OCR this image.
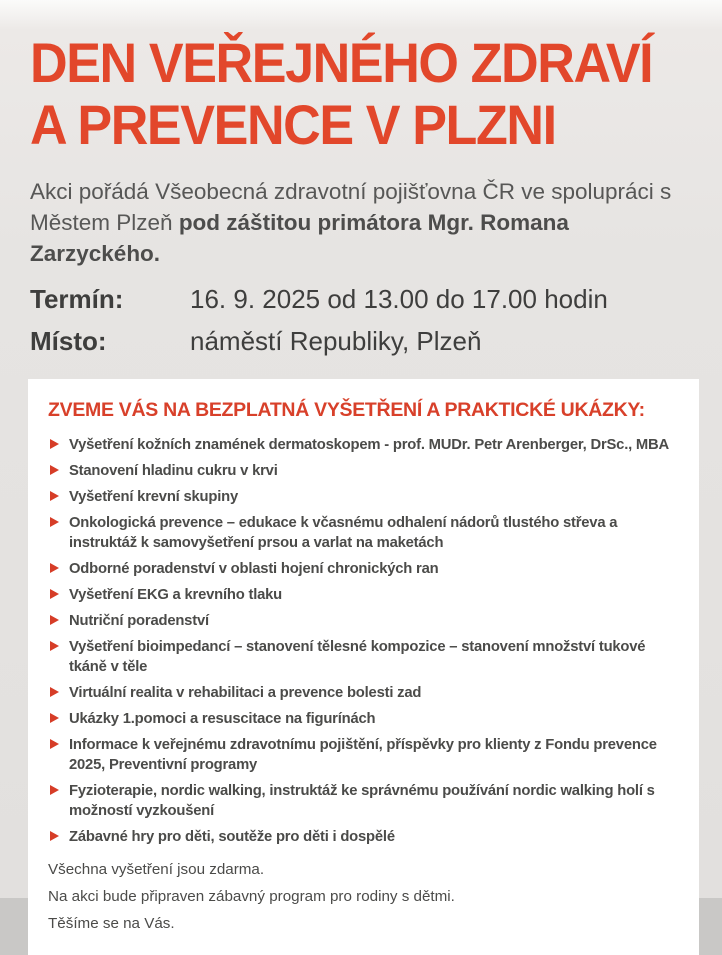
DEN VEŘEJNÉHO ZDRAVÍ
A PREVENCE V PLZNI

Akci pořádá Všeobecná zdravotní pojišťovna ČR ve spolupráci s Městem Plzeň pod záštitou primátora Mgr. Romana Zarzyckého.

Termín:	16. 9. 2025 od 13.00 do 17.00 hodin
Místo:	náměstí Republiky, Plzeň
ZVEME VÁS NA BEZPLATNÁ VYŠETŘENÍ A PRAKTICKÉ UKÁZKY:
Vyšetření kožních znamének dermatoskopem - prof. MUDr. Petr Arenberger, DrSc., MBA
Stanovení hladinu cukru v krvi
Vyšetření krevní skupiny
Onkologická prevence – edukace k včasnému odhalení nádorů tlustého střeva a instruktáž k samovyšetření prsou a varlat na maketách
Odborné poradenství v oblasti hojení chronických ran
Vyšetření EKG a krevního tlaku
Nutriční poradenství
Vyšetření bioimpedancí – stanovení tělesné kompozice – stanovení množství tukové tkáně v těle
Virtuální realita v rehabilitaci a prevence bolesti zad
Ukázky 1.pomoci a resuscitace na figurínách
Informace k veřejnému zdravotnímu pojištění, příspěvky pro klienty z Fondu prevence 2025, Preventivní programy
Fyzioterapie, nordic walking, instruktáž ke správnému používání nordic walking holí s možností vyzkoušení
Zábavné hry pro děti, soutěže pro děti i dospělé

Všechna vyšetření jsou zdarma.

Na akci bude připraven zábavný program pro rodiny s dětmi.

Těšíme se na Vás.
